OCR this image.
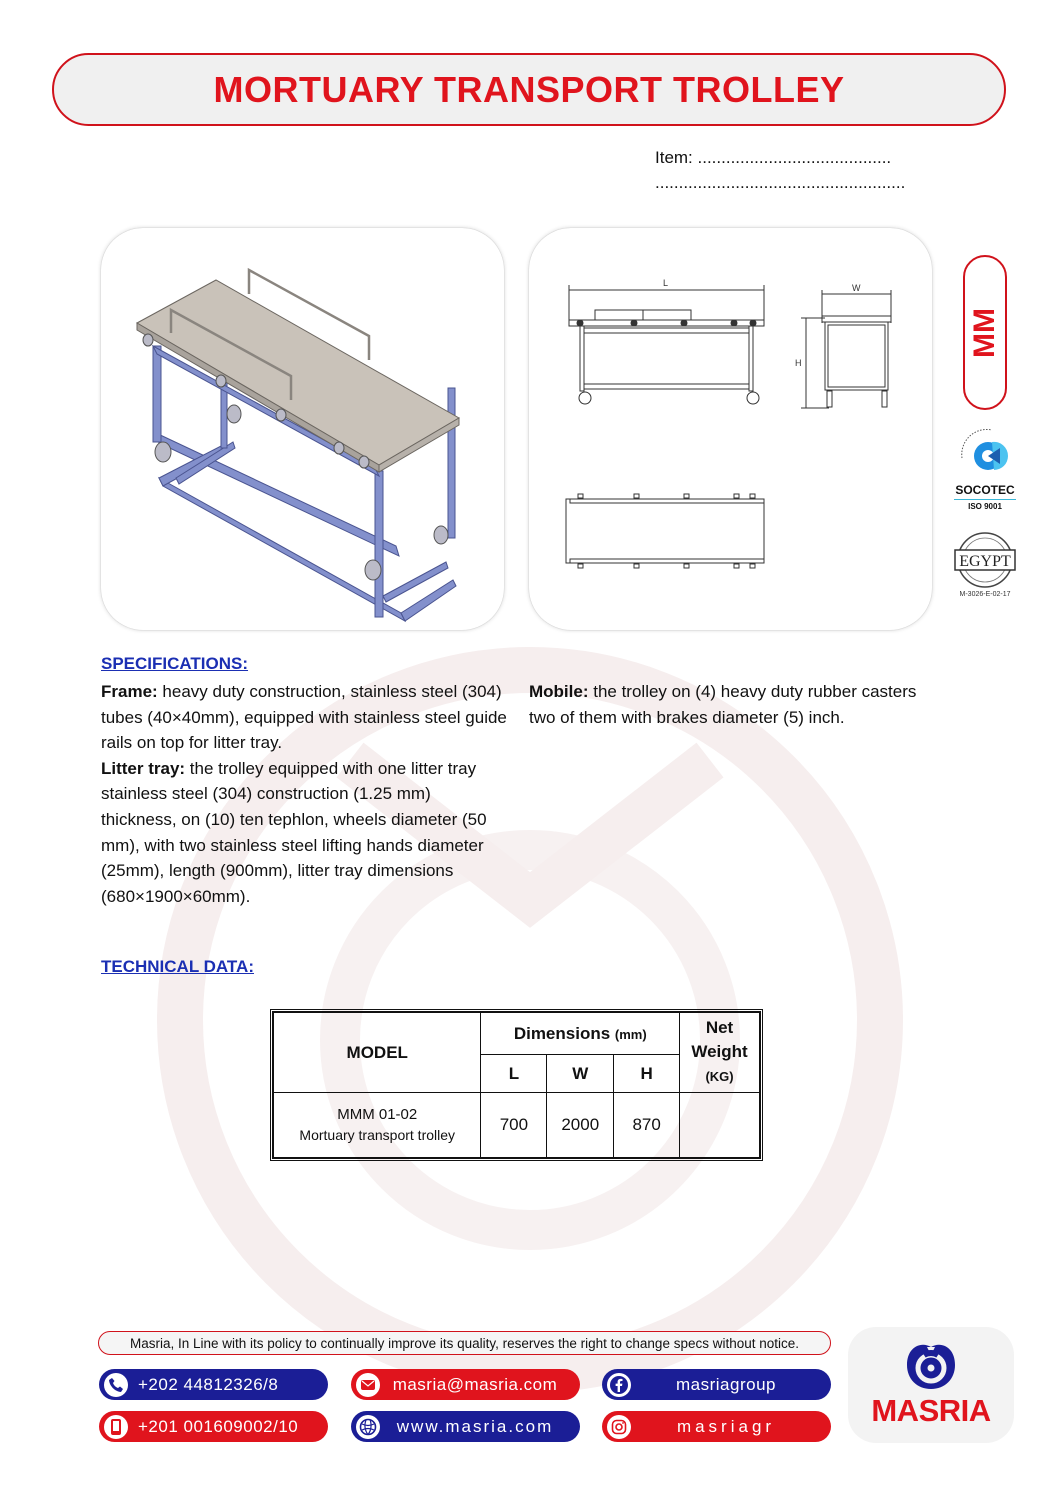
MORTUARY TRANSPORT TROLLEY
Item: .........................................
.....................................................
L	W
H
MM
SOCOTEC
ISO 9001
EGYPT
M-3026-E-02-17
SPECIFICATIONS:
Frame: heavy duty construction, stainless steel (304) tubes (40×40mm), equipped with stainless steel guide rails on top for litter tray.
Litter tray: the trolley equipped with one litter tray stainless steel (304) construction (1.25 mm) thickness, on (10) ten tephlon, wheels diameter (50 mm), with two stainless steel lifting hands diameter (25mm), length (900mm), litter tray dimensions (680×1900×60mm).
Mobile: the trolley on (4) heavy duty rubber casters two of them with brakes diameter (5) inch.
TECHNICAL DATA:
MODEL	Dimensions (mm)			Net Weight
(KG)
	L	W	H	
MMM 01-02
Mortuary transport trolley	700	2000	870	
Masria, In Line with its policy to continually improve its quality, reserves the right to change specs without notice.
+202 44812326/8
+201 001609002/10
masria@masria.com
www.masria.com
masriagroup
masriagr	MASRIA
